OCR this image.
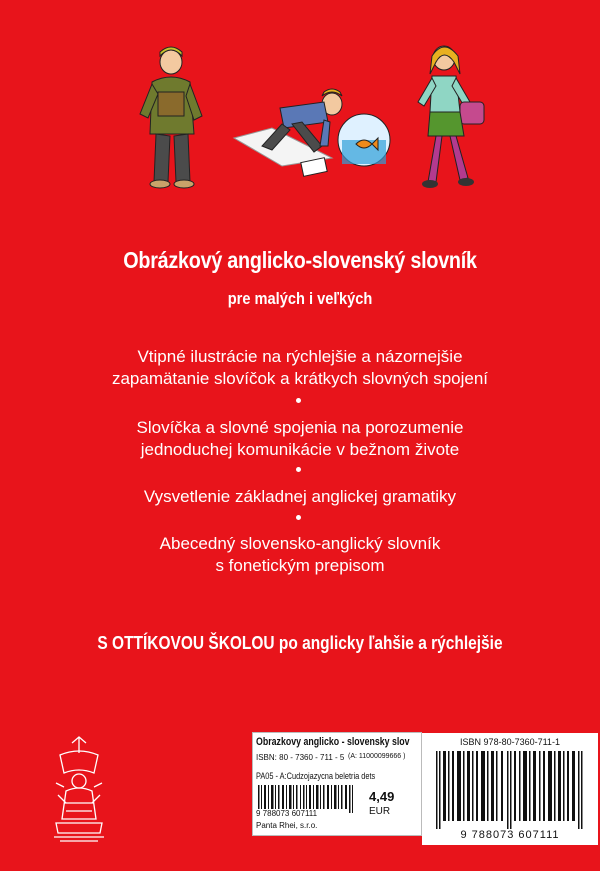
Obrázkový anglicko-slovenský slovník
pre malých i veľkých
Vtipné ilustrácie na rýchlejšie a názornejšie
zapamätanie slovíčok a krátkych slovných spojení
Slovíčka a slovné spojenia na porozumenie
jednoduchej komunikácie v bežnom živote
Vysvetlenie základnej anglickej gramatiky
Abecedný slovensko-anglický slovník
s fonetickým prepisom
S OTTÍKOVOU ŠKOLOU po anglicky ľahšie a rýchlejšie
Obrazkovy anglicko - slovensky slov
ISBN: 80 - 7360 - 711 - 5 (A: 11000099666 )
PA05 - A:Cudzojazycna beletria dets
9 788073 607111
4,49
EUR
Panta Rhei, s.r.o.
ISBN 978-80-7360-711-1
9 788073 607111
